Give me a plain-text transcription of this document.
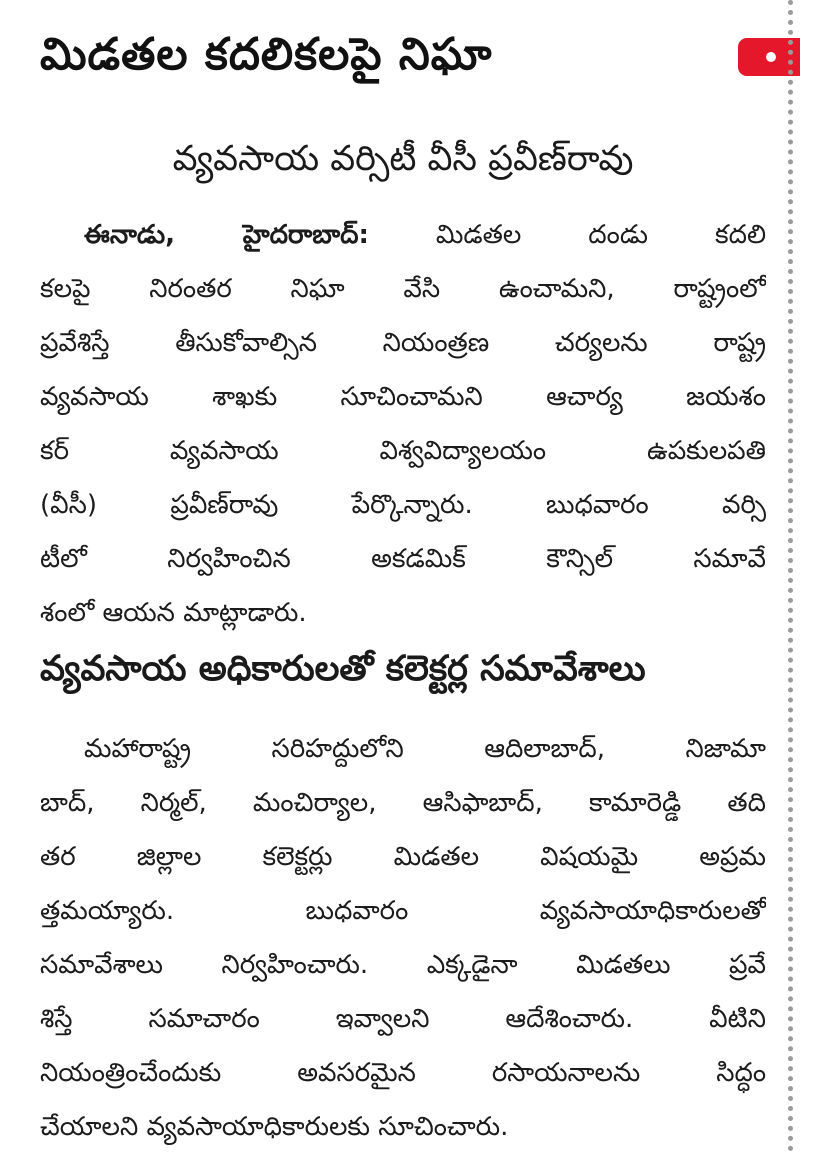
మిడతల కదలికలపై నిఘా
వ్యవసాయ వర్సిటీ వీసీ ప్రవీణ్‌రావు
ఈనాడు, హైదరాబాద్‌:	మిడతల దండు కదలి
కలపై నిరంతర నిఘా వేసి ఉంచామని, రాష్ట్రంలో
ప్రవేశిస్తే తీసుకోవాల్సిన నియంత్రణ చర్యలను రాష్ట్ర
వ్యవసాయ శాఖకు సూచించామని ఆచార్య జయశం
కర్‌ వ్యవసాయ విశ్వవిద్యాలయం ఉపకులపతి
(వీసీ) ప్రవీణ్‌రావు పేర్కొన్నారు. బుధవారం వర్సి
టీలో నిర్వహించిన అకడమిక్‌ కౌన్సిల్‌ సమావే
శంలో ఆయన మాట్లాడారు.
వ్యవసాయ అధికారులతో కలెక్టర్ల సమావేశాలు
మహారాష్ట్ర సరిహద్దులోని ఆదిలాబాద్‌, నిజామా
బాద్‌, నిర్మల్‌, మంచిర్యాల, ఆసిఫాబాద్‌, కామారెడ్డి తది
తర జిల్లాల కలెక్టర్లు మిడతల విషయమై అప్రమ
త్తమయ్యారు. బుధవారం వ్యవసాయాధికారులతో
సమావేశాలు నిర్వహించారు. ఎక్కడైనా మిడతలు ప్రవే
శిస్తే సమాచారం ఇవ్వాలని ఆదేశించారు. వీటిని
నియంత్రించేందుకు అవసరమైన రసాయనాలను సిద్ధం
చేయాలని వ్యవసాయాధికారులకు సూచించారు.
